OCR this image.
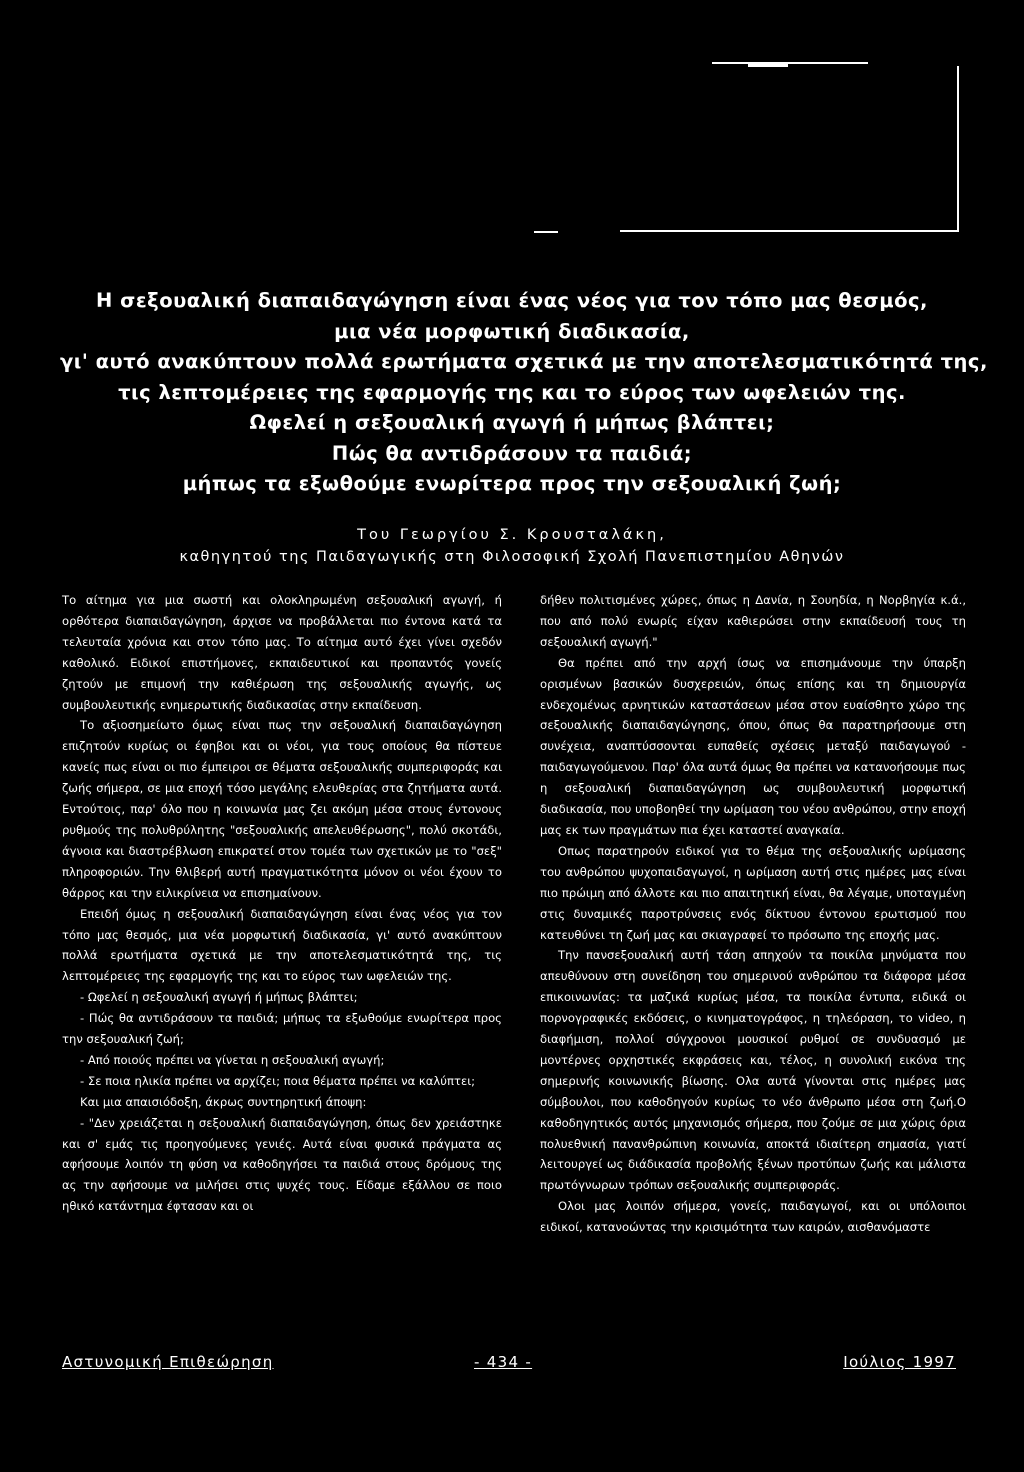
Η σεξουαλική διαπαιδαγώγηση είναι ένας νέος για τον τόπο μας θεσμός,
μια νέα μορφωτική διαδικασία,
γι' αυτό ανακύπτουν πολλά ερωτήματα σχετικά με την αποτελεσματικότητά της,
τις λεπτομέρειες της εφαρμογής της και το εύρος των ωφελειών της.
Ωφελεί η σεξουαλική αγωγή ή μήπως βλάπτει;
Πώς θα αντιδράσουν τα παιδιά;
μήπως τα εξωθούμε ενωρίτερα προς την σεξουαλική ζωή;
Του Γεωργίου Σ. Κρουσταλάκη,
καθηγητού της Παιδαγωγικής στη Φιλοσοφική Σχολή Πανεπιστημίου Αθηνών

Το αίτημα για μια σωστή και ολοκληρωμένη σεξουαλική αγωγή, ή ορθότερα διαπαιδαγώγηση, άρχισε να προβάλλεται πιο έντονα κατά τα τελευταία χρόνια και στον τόπο μας. Το αίτημα αυτό έχει γίνει σχεδόν καθολικό. Ειδικοί επιστήμονες, εκπαιδευτικοί και προπαντός γονείς ζητούν με επιμονή την καθιέρωση της σεξουαλικής αγωγής, ως συμβουλευτικής ενημερωτικής διαδικασίας στην εκπαίδευση.

Το αξιοσημείωτο όμως είναι πως την σεξουαλική διαπαιδαγώγηση επιζητούν κυρίως οι έφηβοι και οι νέοι, για τους οποίους θα πίστευε κανείς πως είναι οι πιο έμπειροι σε θέματα σεξουαλικής συμπεριφοράς και ζωής σήμερα, σε μια εποχή τόσο μεγάλης ελευθερίας στα ζητήματα αυτά. Εντούτοις, παρ' όλο που η κοινωνία μας ζει ακόμη μέσα στους έντονους ρυθμούς της πολυθρύλητης "σεξουαλικής απελευθέρωσης", πολύ σκοτάδι, άγνοια και διαστρέβλωση επικρατεί στον τομέα των σχετικών με το "σεξ" πληροφοριών. Την θλιβερή αυτή πραγματικότητα μόνον οι νέοι έχουν το θάρρος και την ειλικρίνεια να επισημαίνουν.

Επειδή όμως η σεξουαλική διαπαιδαγώγηση είναι ένας νέος για τον τόπο μας θεσμός, μια νέα μορφωτική διαδικασία, γι' αυτό ανακύπτουν πολλά ερωτήματα σχετικά με την αποτελεσματικότητά της, τις λεπτομέρειες της εφαρμογής της και το εύρος των ωφελειών της.

- Ωφελεί η σεξουαλική αγωγή ή μήπως βλάπτει;

- Πώς θα αντιδράσουν τα παιδιά; μήπως τα εξωθούμε ενωρίτερα προς την σεξουαλική ζωή;

- Από ποιούς πρέπει να γίνεται η σεξουαλική αγωγή;

- Σε ποια ηλικία πρέπει να αρχίζει; ποια θέματα πρέπει να καλύπτει;

Και μια απαισιόδοξη, άκρως συντηρητική άποψη:

- "Δεν χρειάζεται η σεξουαλική διαπαιδαγώγηση, όπως δεν χρειάστηκε και σ' εμάς τις προηγούμενες γενιές. Αυτά είναι φυσικά πράγματα ας αφήσουμε λοιπόν τη φύση να καθοδηγήσει τα παιδιά στους δρόμους της ας την αφήσουμε να μιλήσει στις ψυχές τους. Είδαμε εξάλλου σε ποιο ηθικό κατάντημα έφτασαν και οι

δήθεν πολιτισμένες χώρες, όπως η Δανία, η Σουηδία, η Νορβηγία κ.ά., που από πολύ ενωρίς είχαν καθιερώσει στην εκπαίδευσή τους τη σεξουαλική αγωγή."

Θα πρέπει από την αρχή ίσως να επισημάνουμε την ύπαρξη ορισμένων βασικών δυσχερειών, όπως επίσης και τη δημιουργία ενδεχομένως αρνητικών καταστάσεων μέσα στον ευαίσθητο χώρο της σεξουαλικής διαπαιδαγώγησης, όπου, όπως θα παρατηρήσουμε στη συνέχεια, αναπτύσσονται ευπαθείς σχέσεις μεταξύ παιδαγωγού - παιδαγωγούμενου. Παρ' όλα αυτά όμως θα πρέπει να κατανοήσουμε πως η σεξουαλική διαπαιδαγώγηση ως συμβουλευτική μορφωτική διαδικασία, που υποβοηθεί την ωρίμαση του νέου ανθρώπου, στην εποχή μας εκ των πραγμάτων πια έχει καταστεί αναγκαία.

Οπως παρατηρούν ειδικοί για το θέμα της σεξουαλικής ωρίμασης του ανθρώπου ψυχοπαιδαγωγοί, η ωρίμαση αυτή στις ημέρες μας είναι πιο πρώιμη από άλλοτε και πιο απαιτητική είναι, θα λέγαμε, υποταγμένη στις δυναμικές παροτρύνσεις ενός δίκτυου έντονου ερωτισμού που κατευθύνει τη ζωή μας και σκιαγραφεί το πρόσωπο της εποχής μας.

Την πανσεξουαλική αυτή τάση απηχούν τα ποικίλα μηνύματα που απευθύνουν στη συνείδηση του σημερινού ανθρώπου τα διάφορα μέσα επικοινωνίας: τα μαζικά κυρίως μέσα, τα ποικίλα έντυπα, ειδικά οι πορνογραφικές εκδόσεις, ο κινηματογράφος, η τηλεόραση, το video, η διαφήμιση, πολλοί σύγχρονοι μουσικοί ρυθμοί σε συνδυασμό με μοντέρνες ορχηστικές εκφράσεις και, τέλος, η συνολική εικόνα της σημερινής κοινωνικής βίωσης. Ολα αυτά γίνονται στις ημέρες μας σύμβουλοι, που καθοδηγούν κυρίως το νέο άνθρωπο μέσα στη ζωή.Ο καθοδηγητικός αυτός μηχανισμός σήμερα, που ζούμε σε μια χώρις όρια πολυεθνική πανανθρώπινη κοινωνία, αποκτά ιδιαίτερη σημασία, γιατί λειτουργεί ως διάδικασία προβολής ξένων προτύπων ζωής και μάλιστα πρωτόγνωρων τρόπων σεξουαλικής συμπεριφοράς.

Ολοι μας λοιπόν σήμερα, γονείς, παιδαγωγοί, και οι υπόλοιποι ειδικοί, κατανοώντας την κρισιμότητα των καιρών, αισθανόμαστε

Αστυνομική Επιθεώρηση	- 434 -	Ιούλιος 1997
